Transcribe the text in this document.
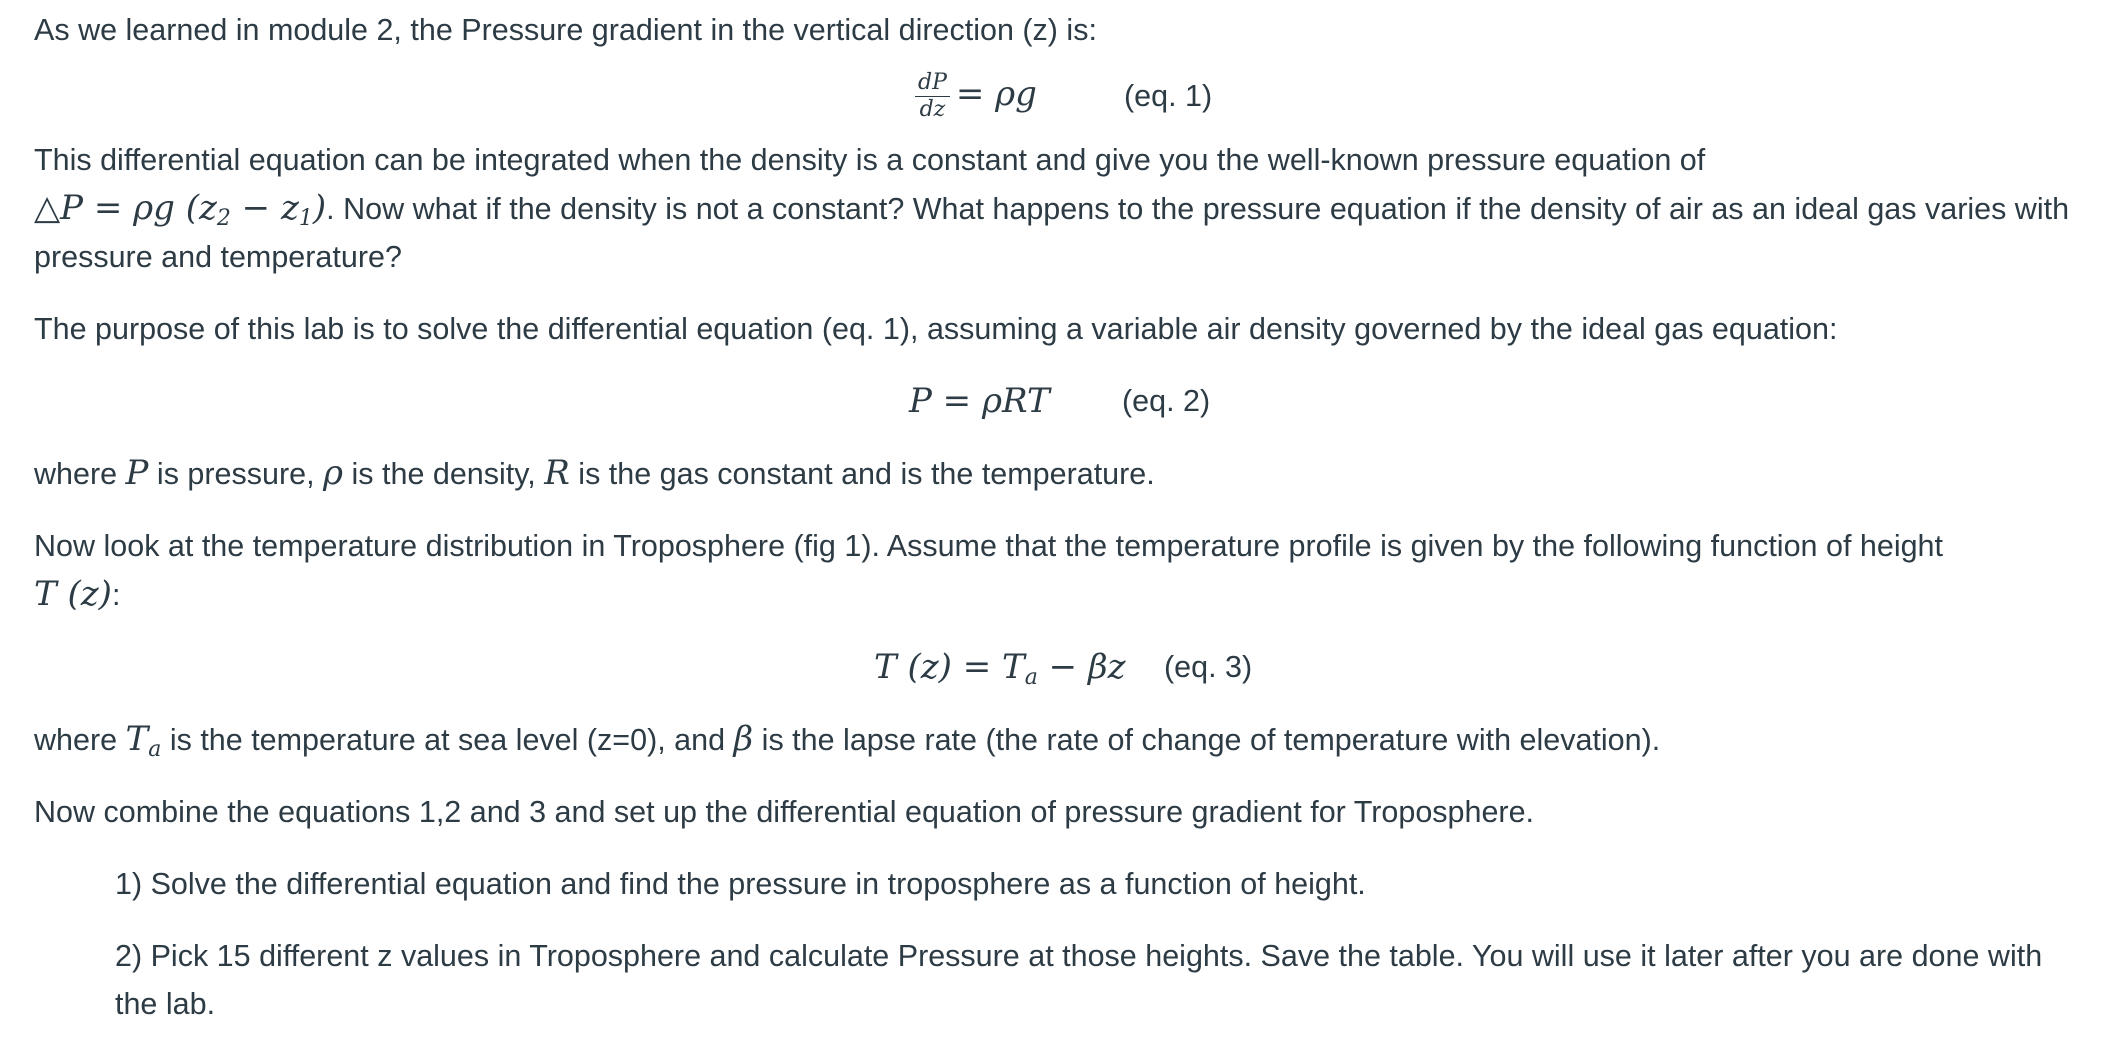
As we learned in module 2, the Pressure gradient in the vertical direction (z) is:

$\frac{dP}{dz} = \rho g$	(eq. 1)

This differential equation can be integrated when the density is a constant and give you the well-known pressure equation of
△P = ρg $(z_2 - z_1)$. Now what if the density is not a constant? What happens to the pressure equation if the density of air as an ideal gas varies with pressure and temperature?

The purpose of this lab is to solve the differential equation (eq. 1), assuming a variable air density governed by the ideal gas equation:

P = ρRT (eq. 2)

where P is pressure, ρ is the density, R is the gas constant and is the temperature.

Now look at the temperature distribution in Troposphere (fig 1). Assume that the temperature profile is given by the following function of height
T (z):

T $(z) = T_a - \beta z$ (eq. 3)

where $T_a$ is the temperature at sea level (z=0), and β is the lapse rate (the rate of change of temperature with elevation).

Now combine the equations 1,2 and 3 and set up the differential equation of pressure gradient for Troposphere.

1) Solve the differential equation and find the pressure in troposphere as a function of height.

2) Pick 15 different z values in Troposphere and calculate Pressure at those heights. Save the table. You will use it later after you are done with the lab.
